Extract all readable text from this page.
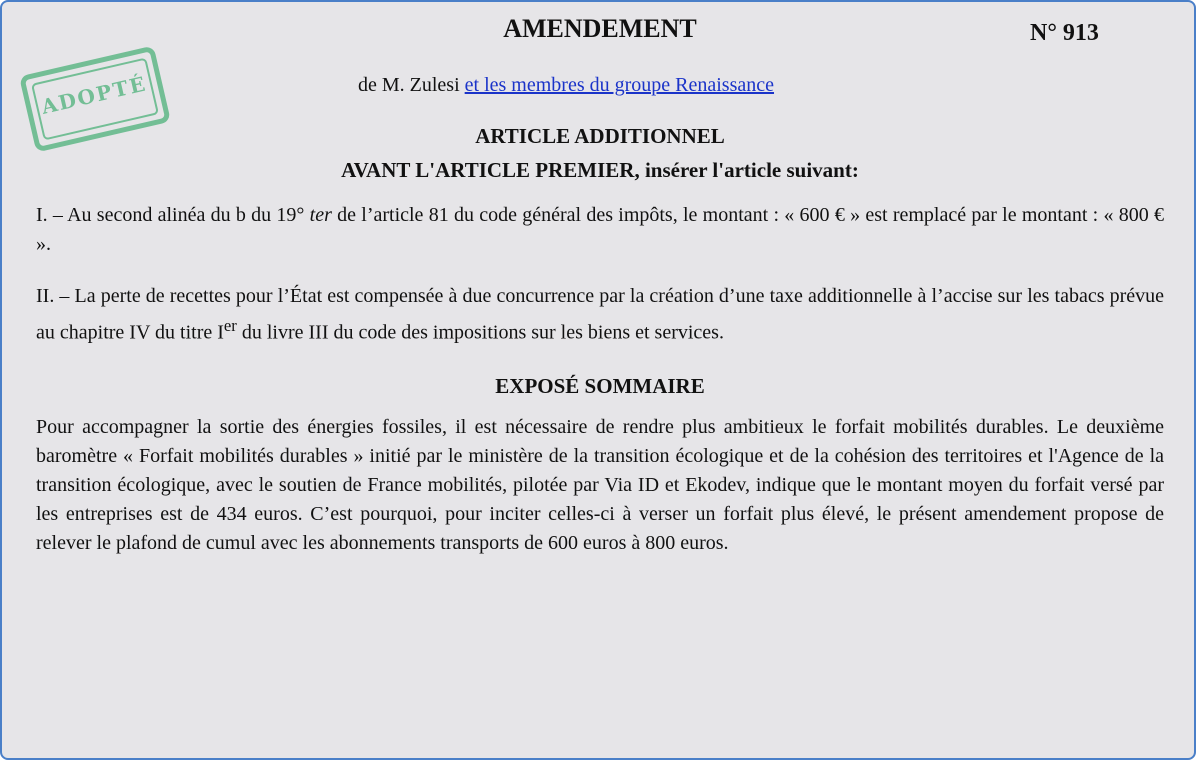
AMENDEMENT	N° 913
ADOPTÉ	de M. Zulesi et les membres du groupe Renaissance
ARTICLE ADDITIONNEL
AVANT L'ARTICLE PREMIER, insérer l'article suivant:

I. – Au second alinéa du b du 19° ter de l’article 81 du code général des impôts, le montant : « 600 € » est remplacé par le montant : « 800 € ».

II. – La perte de recettes pour l’État est compensée à due concurrence par la création d’une taxe additionnelle à l’accise sur les tabacs prévue au chapitre IV du titre Ier du livre III du code des impositions sur les biens et services.

EXPOSÉ SOMMAIRE

Pour accompagner la sortie des énergies fossiles, il est nécessaire de rendre plus ambitieux le forfait mobilités durables. Le deuxième baromètre « Forfait mobilités durables » initié par le ministère de la transition écologique et de la cohésion des territoires et l'Agence de la transition écologique, avec le soutien de France mobilités, pilotée par Via ID et Ekodev, indique que le montant moyen du forfait versé par les entreprises est de 434 euros. C’est pourquoi, pour inciter celles-ci à verser un forfait plus élevé, le présent amendement propose de relever le plafond de cumul avec les abonnements transports de 600 euros à 800 euros.
